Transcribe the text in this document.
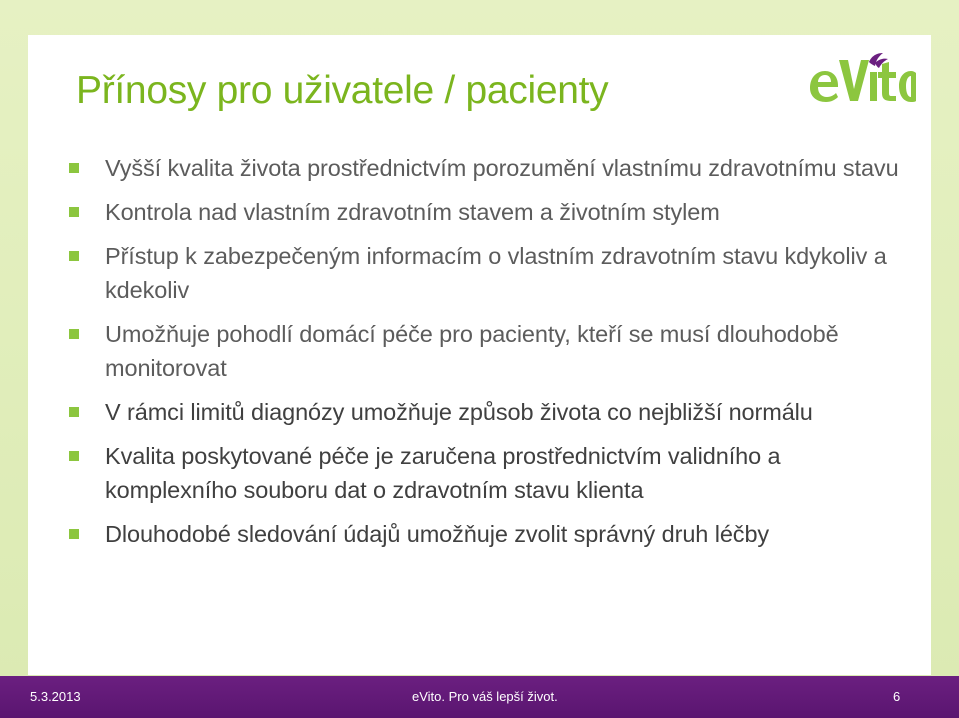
Přínosy pro uživatele / pacienty
Vyšší kvalita života prostřednictvím porozumění vlastnímu zdravotnímu stavu
Kontrola nad vlastním zdravotním stavem a životním stylem
Přístup k zabezpečeným informacím o vlastním zdravotním stavu kdykoliv a kdekoliv
Umožňuje pohodlí domácí péče pro pacienty, kteří se musí dlouhodobě monitorovat
V rámci limitů diagnózy umožňuje způsob života co nejbližší normálu
Kvalita poskytované péče je zaručena prostřednictvím validního a komplexního souboru dat o zdravotním stavu klienta
Dlouhodobé sledování údajů umožňuje zvolit správný druh léčby
5.3.2013	eVito. Pro váš lepší život.	6
